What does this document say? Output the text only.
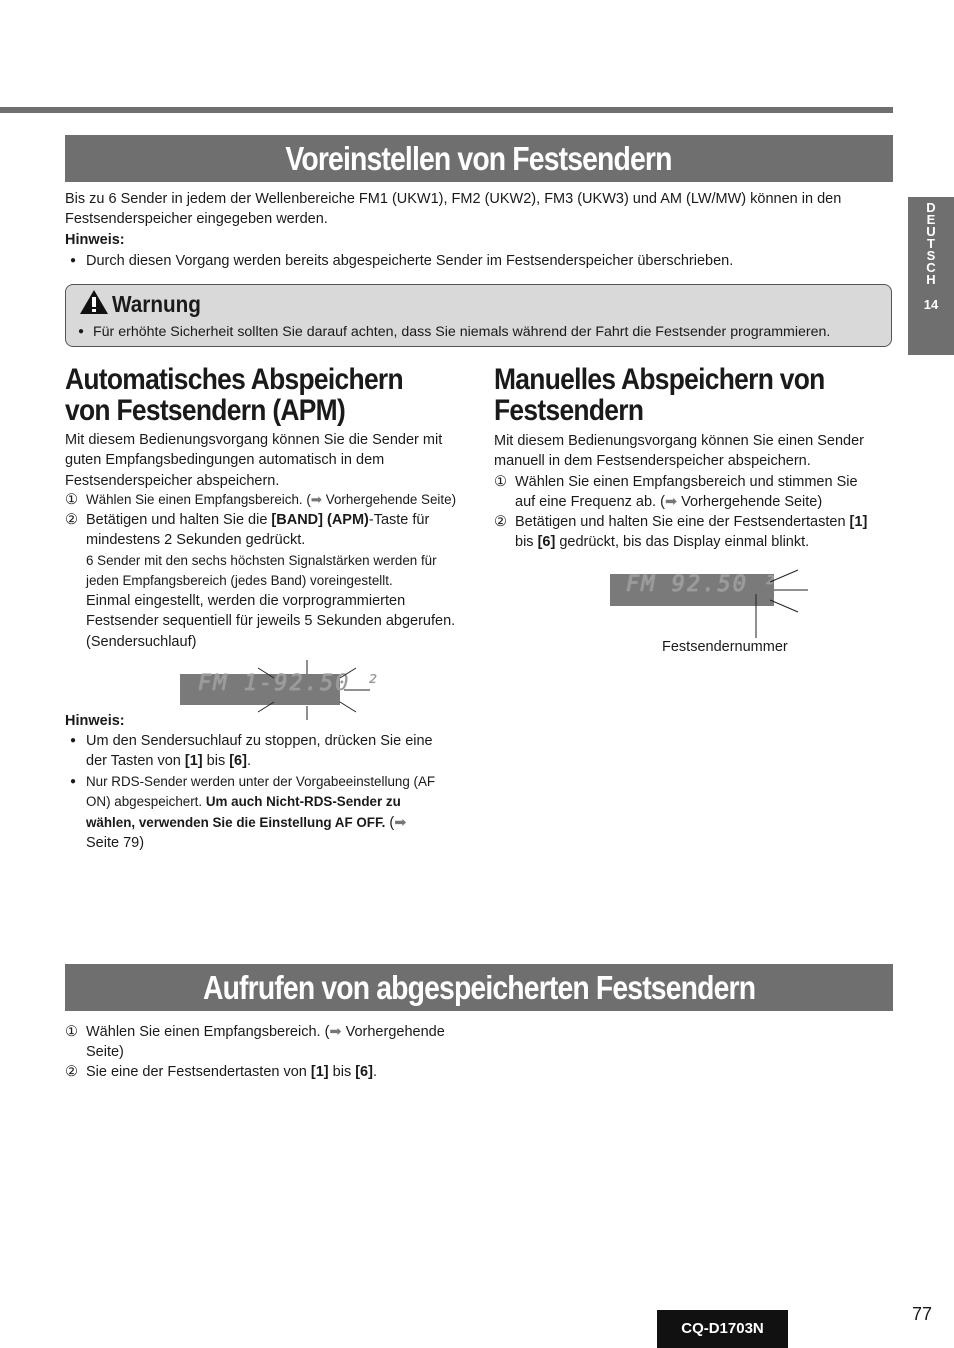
Voreinstellen von Festsendern
DEUTSCH
14
Bis zu 6 Sender in jedem der Wellenbereiche FM1 (UKW1), FM2 (UKW2), FM3 (UKW3) und AM (LW/MW) können in den
Festsenderspeicher eingegeben werden.
Hinweis:
● Durch diesen Vorgang werden bereits abgespeicherte Sender im Festsenderspeicher überschrieben.
Warnung
● Für erhöhte Sicherheit sollten Sie darauf achten, dass Sie niemals während der Fahrt die Festsender programmieren.
Automatisches Abspeichern
von Festsendern (APM)
Mit diesem Bedienungsvorgang können Sie die Sender mit
guten Empfangsbedingungen automatisch in dem
Festsenderspeicher abspeichern.
① Wählen Sie einen Empfangsbereich. (➡ Vorhergehende Seite)
② Betätigen und halten Sie die [BAND] (APM)-Taste für
mindestens 2 Sekunden gedrückt.
6 Sender mit den sechs höchsten Signalstärken werden für
jeden Empfangsbereich (jedes Band) voreingestellt.
Einmal eingestellt, werden die vorprogrammierten
Festsender sequentiell für jeweils 5 Sekunden abgerufen.
(Sendersuchlauf)
FM 1-92.50 ²
Hinweis:
● Um den Sendersuchlauf zu stoppen, drücken Sie eine
der Tasten von [1] bis [6].
● Nur RDS-Sender werden unter der Vorgabeeinstellung (AF
ON) abgespeichert. Um auch Nicht-RDS-Sender zu
wählen, verwenden Sie die Einstellung AF OFF. (➡
Seite 79)
Manuelles Abspeichern von
Festsendern
Mit diesem Bedienungsvorgang können Sie einen Sender
manuell in dem Festsenderspeicher abspeichern.
① Wählen Sie einen Empfangsbereich und stimmen Sie
auf eine Frequenz ab. (➡ Vorhergehende Seite)
② Betätigen und halten Sie eine der Festsendertasten [1]
bis [6] gedrückt, bis das Display einmal blinkt.
FM 92.50 ²
Festsendernummer
Aufrufen von abgespeicherten Festsendern
① Wählen Sie einen Empfangsbereich. (➡ Vorhergehende
Seite)
② Sie eine der Festsendertasten von [1] bis [6].
CQ-D1703N
77
